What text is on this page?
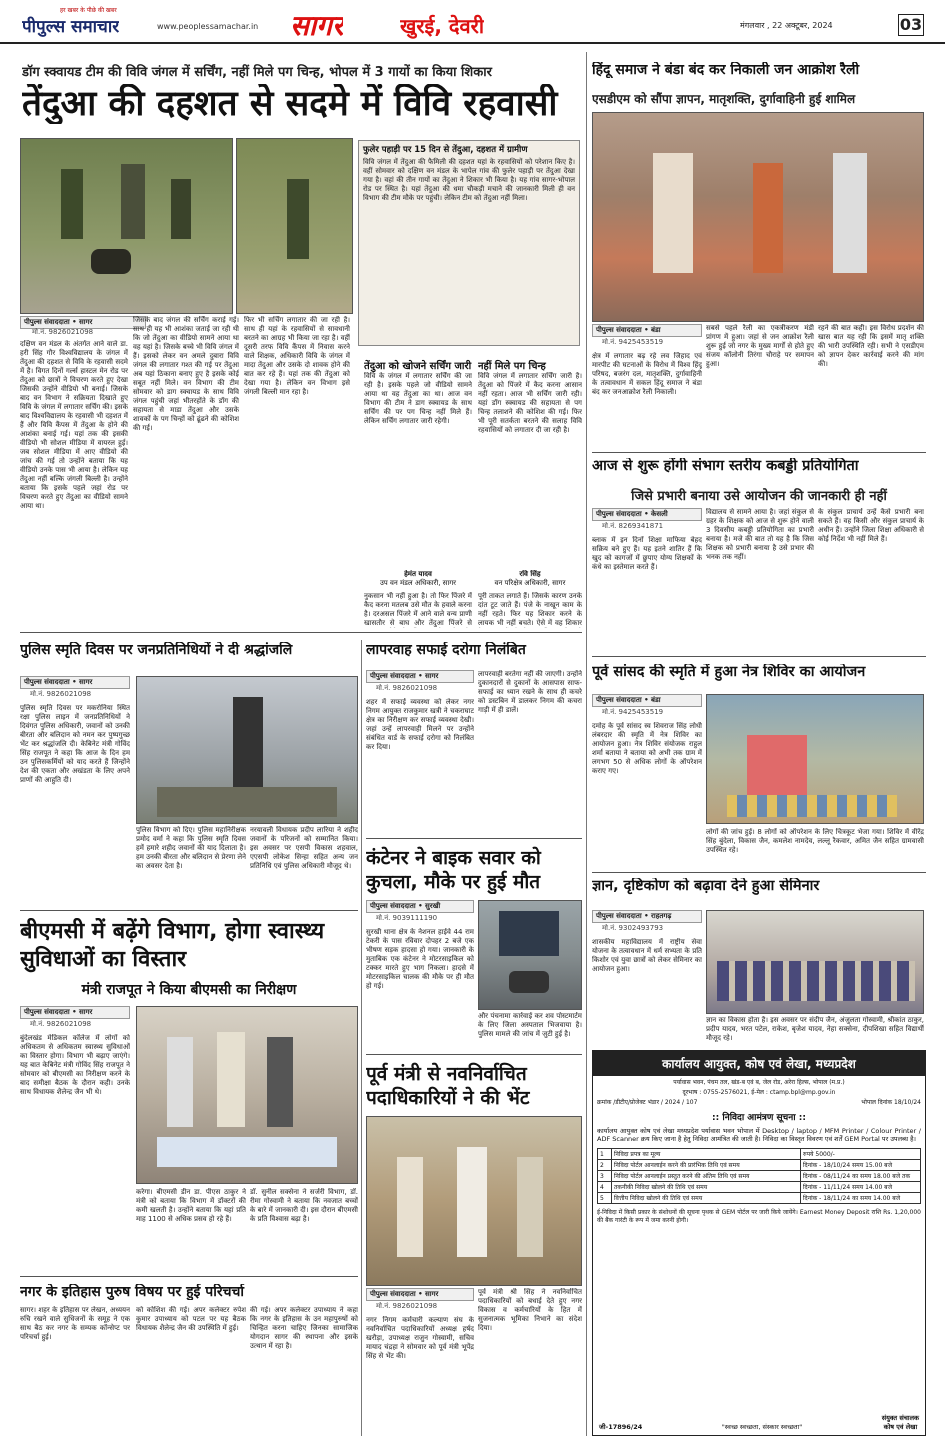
पीपुल्स समाचार
हर खबर के पीछे की खबर
www.peoplessamachar.in सागर	खुरई, देवरी	मंगलवार , 22 अक्टूबर, 2024	03
डॉग स्क्वायड टीम की विवि जंगल में सर्चिंग, नहीं मिले पग चिन्ह, भोपल में 3 गायों का किया शिकार
तेंदुआ की दहशत से सदमे में विवि रहवासी
पीपुल्स संवाददाता • सागर
मो.नं. 9826021098
दक्षिण वन मंडल के अंतर्गत आने वाले डा. हरी सिंह गौर विश्वविद्यालय के जंगल में तेंदुआ की दहशत से विवि के रहवासी सदमे में है। विगत दिनों गर्ल्स हास्टल मेन रोड पर तेंदुआ को छात्रों ने विचरण करते हुए देखा जिसकी उन्होंने वीडियो भी बनाई। जिसके बाद वन विभाग ने सक्रियता दिखाते हुए विवि के जंगल में लगातार सर्चिंग की। इसके बाद विश्वविद्यालय के रहवासी भी दहशत में हैं और विवि कैंपस में तेंदुआ के होने की आशंका बनाई गई। यहां तक की इसकी वीडियो भी सोशल मीडिया में वायरल हुई। जब सोशल मीडिया में आए वीडियो की जांच की गई तो उन्होंने बताया कि यह वीडियो उनके पास भी आया है। लेकिन यह तेंदुआ नहीं बल्कि जंगली बिल्ली है। उन्होंने बताया कि इसके पहले जहां रोड पर विचरण करते हुए तेंदुआ का वीडियो सामने आया था।
जिसके बाद जंगल की सर्चिंग कराई गई। साथ ही यह भी आशंका जताई जा रही थी कि जो तेंदुआ का वीडियो सामने आया था वह यहां है। जिसके बच्चे भी विवि जंगल में हैं। इसको लेकर वन अमले दुबारा विवि जंगल की लगातार गश्त की गई पर तेंदुआ अब यहां ठिकाना बनाए हुए है इसके कोई सबूत नहीं मिले। वन विभाग की टीम सोमवार को डाग स्क्वायड के साथ विवि जंगल पहुंची जहां भीतरहोंते के डॉग की सहायता से माडा तेंदुआ और उसके शावकों के पग चिन्हों को ढूंढने की कोशिश की गई।
फिर भी सर्चिंग लगातार की जा रही है। साथ ही यहां के रहवासियों से सावधानी बरतने का आग्रह भी किया जा रहा है। वहीं दूसरी तरफ विवि कैंपस में निवास करने वाले शिक्षक, अधिकारी विवि के जंगल में मादा तेंदुआ और उसके दो शावक होने की बात कर रहे हैं। यहां तक की तेंदुआ को देखा गया है। लेकिन वन विभाग इसे जंगली बिल्ली मान रहा है।
फुलेर पहाड़ी पर 15 दिन से तेंदुआ, दहशत में ग्रामीण
विवि जंगल में तेंदुआ की फैमिली की दहशत यहां के रहवासियों को परेशान किए है। वहीं सोमवार को दक्षिण वन मंडल के भापेल गांव की फुलेर पहाड़ी पर तेंदुआ देखा गया है। वहां की तीन गायों का तेंदुआ ने शिकार भी किया है। यह गांव सागर-भोपाल रोड पर स्थित है। यहां तेंदुआ की धमा चौकड़ी मचाने की जानकारी मिली ही वन विभाग की टीम मौके पर पहुंची। लेकिन टीम को तेंदुआ नहीं मिला।
तेंदुआ को खोजने सर्चिंग जारी
विवि के जंगल में लगातार सर्चिंग की जा रही है। इसके पहले जो वीडियो सामने आया था वह तेंदुआ का था। आज वन विभाग की टीम ने डाग स्क्वायड के साथ सर्चिंग की पर पग चिन्ह नहीं मिले हैं। लेकिन सर्चिंग लगातार जारी रहेगी।
हेमंत यादव
उप वन मंडल अधिकारी, सागर
नहीं मिले पग चिन्ह
विवि जंगल में लगातार सर्चिंग जारी है। तेंदुआ को पिंजरे में कैद करना आसान नहीं रहता। आज भी सर्चिंग जारी रही। यहां डॉग स्क्वायड की सहायता से पग चिन्ह तलाशने की कोशिश की गई। फिर भी पूरी सतर्कता बरतने की सलाह विवि रहवासियों को लगातार दी जा रही है।
रवि सिंह
वन परिक्षेत्र अधिकारी, सागर
नुकसान भी नहीं हुआ है। तो फिर पिंजरे में कैद करना मतलब उसे मौत के हवाले करना है। दरअसल पिंजरे में आने वाले वन्य प्राणी खासतौर से बाघ और तेंदुआ पिंजरे से
पूरी ताकत लगाते हैं। जिसके कारण उनके दांत टूट जाते हैं। पंजे के नाखून काम के नहीं रहते। फिर यह शिकार करने के लायक भी नहीं बचते। ऐसे में वह शिकार
पुलिस स्मृति दिवस पर जनप्रतिनिधियों ने दी श्रद्धांजलि
पीपुल्स संवाददाता • सागर
मो.नं. 9826021098
पुलिस स्मृति दिवस पर मकरोनिया स्थित रक्षा पुलिस लाइन में जनप्रतिनिधियों ने दिवंगत पुलिस अधिकारी, जवानों को उनकी बीरता और बलिदान को नमन कर पुष्पगुच्छ भेंट कर श्रद्धांजलि दी। केबिनेट मंत्री गोविंद सिंह राजपूत ने कहा कि आज के दिन हम उन पुलिसकर्मियों को याद करते हैं जिन्होंने देश की एकता और अखंडता के लिए अपने प्राणों की आहुति दी।
पुलिस विभाग को दिए। पुलिस महानिरीक्षक प्रमोद वर्मा ने कहा कि पुलिस स्मृति दिवस हमें हमारे शहीद जवानों की याद दिलाता है। हम उनकी बीरता और बलिदान से प्रेरणा लेने का अवसर देता है।
नरयावली विधायक प्रदीप लारिया ने शहीद जवानों के परिजनों को सम्मानित किया। इस अवसर पर एसपी विकास शहवाल, एएसपी लोकेश सिन्हा सहित अन्य जन प्रतिनिधि एवं पुलिस अधिकारी मौजूद थे।
बीएमसी में बढ़ेंगे विभाग, होगा स्वास्थ्य सुविधाओं का विस्तार
मंत्री राजपूत ने किया बीएमसी का निरीक्षण
पीपुल्स संवाददाता • सागर
मो.नं. 9826021098
बुंदेलखंड मेडिकल कॉलेज में लोगों को अधिकतम से अधिकतम स्वास्थ्य सुविधाओं का विस्तार होगा। विभाग भी बढ़ाए जाएंगे। यह बात केबिनेट मंत्री गोविंद सिंह राजपूत ने सोमवार को बीएमसी का निरीक्षण करने के बाद समीक्षा बैठक के दौरान कही। उनके साथ विधायक शैलेन्द्र जैन भी थे।
करेगा। बीएमसी डीन डा. पीएस ठाकुर ने मंत्री को बताया कि विभाग में डॉक्टरों की कमी खलती है। उन्होंने बताया कि यहां प्रति माह 1100 से अधिक प्रसव हो रहे हैं।
डॉ. सुनील सक्सेना ने सर्जरी विभाग, डॉ. रीमा गोस्वामी ने बताया कि नवजात बच्चों के बारे में जानकारी दी। इस दौरान बीएमसी के प्रति विश्वास बढ़ा है।
नगर के इतिहास पुरुष विषय पर हुई परिचर्चा
सागर। शहर के इतिहास पर लेखन, अध्ययन रुचि रखने वाले सुधिजनों के समूह ने एक साथ बैठ कर नगर के सम्यक कॉन्सेप्ट पर परिचर्चा हुई।
को कोशिश की गई। अपर कलेक्टर रुपेश कुमार उपाध्याय को पटल पर यह बैठक विधायक शैलेन्द्र जैन की उपस्थिति में हुई।
की गई। अपर कलेक्टर उपाध्याय ने कहा कि नगर के इतिहास के उन महापुरुषों को चिन्हित करना चाहिए जिनका सामाजिक योगदान सागर की स्थापना और इसके उत्थान में रहा है।
लापरवाह सफाई दरोगा निलंबित
पीपुल्स संवाददाता • सागर
मो.नं. 9826021098
शहर में सफाई व्यवस्था को लेकर नगर निगम आयुक्त राजकुमार खत्री ने चकराघाट क्षेत्र का निरीक्षण कर सफाई व्यवस्था देखी। जहां उन्हें लापरवाही मिलने पर उन्होंने संबंधित वार्ड के सफाई दरोगा को निलंबित कर दिया।
लापरवाही बरतेगा नहीं की जाएगी। उन्होंने दुकानदारों से दुकानों के आसपास साफ-सफाई का ध्यान रखने के साथ ही कचरे को डस्टबिन में डालकर निगम की कचरा गाड़ी में ही डालें।
कंटेनर ने बाइक सवार को कुचला, मौके पर हुई मौत
पीपुल्स संवाददाता • सुरखी
मो.नं. 9039111190
सुरखी थाना क्षेत्र के नेशनल हाईवे 44 राम टेकरी के पास रविवार दोपहर 2 बजे एक भीषण सड़क हादसा हो गया। जानकारी के मुताबिक एक कंटेनर ने मोटरसाइकिल को टक्कर मारते हुए भाग निकला। हादसे में मोटरसाइकिल चालक की मौके पर ही मौत हो गई।
और पंचनामा कार्रवाई कर शव पोस्टमार्टम के लिए जिला अस्पताल भिजवाया है। पुलिस मामले की जांच में जुटी हुई है।
पूर्व मंत्री से नवनिर्वाचित पदाधिकारियों ने की भेंट
पीपुल्स संवाददाता • सागर
मो.नं. 9826021098
नगर निगम कर्मचारी कल्याण संघ के नवनिर्वाचित पदाधिकारियों अध्यक्ष हर्षद खरौड़ा, उपाध्यक्ष राजुन गोस्वामी, सचिव मायाद चंद्रहा ने सोमवार को पूर्व मंत्री भूपेंद्र सिंह से भेंट की।
पूर्व मंत्री श्री सिंह ने नवनिर्वाचित पदाधिकारियों को बधाई देते हुए नगर विकास व कर्मचारियों के हित में सुजनात्मक भूमिका निभाने का संदेश दिया।
हिंदू समाज ने बंडा बंद कर निकाली जन आक्रोश रैली
एसडीएम को सौंपा ज्ञापन, मातृशक्ति, दुर्गावाहिनी हुई शामिल
पीपुल्स संवाददाता • बंडा
मो.नं. 9425453519
क्षेत्र में लगातार बढ़ रहे लव जिहाद एवं मारपीट की घटनाओं के विरोध में विश्व हिंदू परिषद, बजरंग दल, मातृशक्ति, दुर्गावाहिनी के तत्वावधान में सकल हिंदू समाज ने बंडा बंद कर जनआक्रोश रैली निकाली।
सबसे पहले रैली का एकत्रीकरण मंडी प्रांगण में हुआ। जहां से जन आक्रोश रैली शुरू हुई जो नगर के मुख्य मार्गों से होते हुए संजय कॉलोनी तिरंगा चौराहे पर समापन हुआ।
रहने की बात कही। इस विरोध प्रदर्शन की खास बात यह रही कि इसमें मातृ शक्ति की भारी उपस्थिति रही। सभी ने एसडीएम को ज्ञापन देकर कार्रवाई करने की मांग की।
आज से शुरू होंगी संभाग स्तरीय कबड्डी प्रतियोगिता
जिसे प्रभारी बनाया उसे आयोजन की जानकारी ही नहीं
पीपुल्स संवाददाता • केसली
मो.नं. 8269341871
ब्लाक में इन दिनों शिक्षा माफिया बेहद सक्रिय बने हुए हैं। यह इतने शातिर हैं कि खुद को कागजों में छुपाए योग्य शिक्षकों के कंधे का इस्तेमाल करते हैं।
विद्यालय से सामने आया है। जहां संकुल से ग्रहर के शिक्षक को आज से शुरू होने वाली 3 दिवसीय कबड्डी प्रतियोगिता का प्रभारी बनाया है। मजे की बात तो यह है कि जिस शिक्षक को प्रभारी बनाया है उसे प्रभार की भनक तक नहीं।
के संकुल प्राचार्य उन्हें कैसे प्रभारी बना सकते हैं। वह किसी और संकुल प्राचार्य के अधीन हैं। उन्होंने जिला शिक्षा अधिकारी से कोई निर्देश भी नहीं मिले हैं।
पूर्व सांसद की स्मृति में हुआ नेत्र शिविर का आयोजन
पीपुल्स संवाददाता • बंडा
मो.नं. 9425453519
दमोह के पूर्व सांसद स्व शिवराज सिंह लोधी लंबरदार की स्मृति में नेत्र शिविर का आयोजन हुआ। नेत्र शिविर संयोजक राहुल शर्मा बताया ने बताया को अभी तक ग्राम में लगभग 50 से अधिक लोगों के ऑपरेशन कराए गए।
लोगों की जांच हुई। 8 लोगों को ऑपरेशन के लिए चित्रकूट भेजा गया। शिविर में वीरेंद्र सिंह बुंदेला, विकास जैन, कमलेश नामदेव, लल्लू रैकवार, अमित जैन सहित ग्रामवासी उपस्थित रहे।
ज्ञान, दृष्टिकोण को बढ़ावा देने हुआ सेमिनार
पीपुल्स संवाददाता • राहतगढ़
मो.नं. 9302493793
शासकीय महाविद्यालय में राष्ट्रीय सेवा योजना के तत्वावधान में धर्म सभ्यता के प्रति किशोर एवं युवा छात्रों को लेकर सेमिनार का आयोजन हुआ।
ज्ञान का विकास होता है। इस अवसर पर संदीप जैन, अंजुलता गोस्वामी, श्रीकांत ठाकुर, प्रदीप यादव, भरत पटेल, राकेश, बृजेश यादव, नेहा सक्सेना, दीपशिखा सहित विद्यार्थी मौजूद रहे।
कार्यालय आयुक्त, कोष एवं लेखा, मध्यप्रदेश
पर्यावास भवन, पंचम तल, खंड-ब एवं ब, जेल रोड, अरेरा हिल्स, भोपाल (म.प्र.)
दूरभाष : 0755-2576021, ई-मेल : ctamp.bpl@mp.gov.in
क्रमांक /डीटीए/प्रोजेक्ट भंडार / 2024 / 107	भोपाल दिनांक 18/10/24
:: निविदा आमंत्रण सूचना ::
कार्यालय आयुक्त कोष एवं लेखा मध्यप्रदेश पर्यावास भवन भोपाल में Desktop / laptop / MFM Printer / Colour Printer / ADF Scanner क्रय किए जाना है हेतु निविदा आमंत्रित की जाती है। निविदा का विस्तृत विवरण एवं शर्तें GEM Portal पर उपलब्ध है।
1	निविदा प्रपत्र का मूल्य	रुपये 5000/-
2	निविदा पोर्टल आनलाईन करने की प्रारंभिक तिथि एवं समय	दिनांक - 18/10/24 समय 15.00 बजे
3	निविदा पोर्टल आनलाईन प्रस्तुत करने की अंतिम तिथि एवं समय	दिनांक - 08/11/24 का समय 18.00 बजे तक
4	तकनीकी निविदा खोलने की तिथि एवं समय	दिनांक - 11/11/24 समय 14.00 बजे
5	वित्तीय निविदा खोलने की तिथि एवं समय	दिनांक - 18/11/24 का समय 14.00 बजे
ई-निविदा में किसी प्रकार के संशोधनों की सूचना पृथक से GEM पोर्टल पर जारी किये जायेंगे। Earnest Money Deposit राशि Rs. 1,20,000 की बैंक गारंटी के रूप में जमा करनी होगी।
जी-17896/24	"स्वच्छ स्वच्छता, संस्कार स्वच्छता"
संयुक्त संचालक
कोष एवं लेखा
